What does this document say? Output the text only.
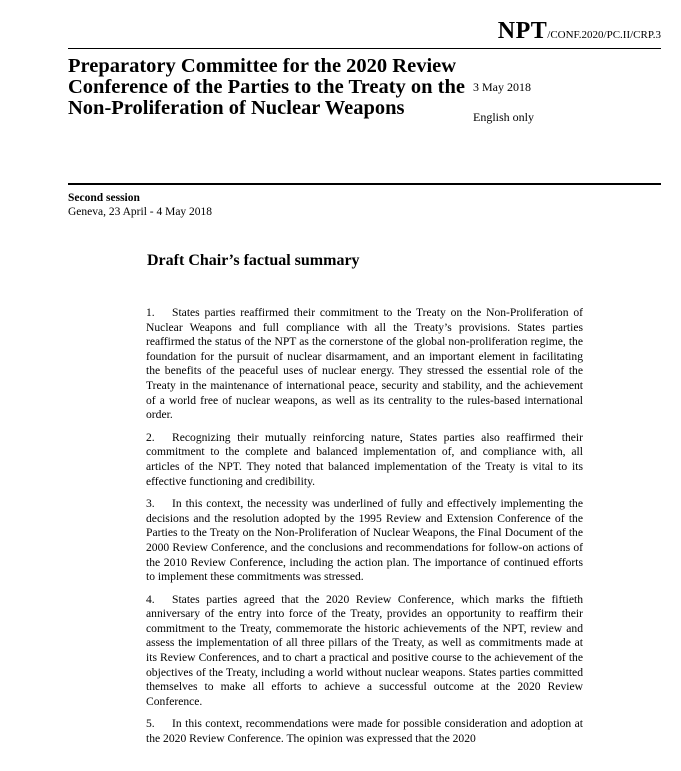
NPT/CONF.2020/PC.II/CRP.3
Preparatory Committee for the 2020 Review Conference of the Parties to the Treaty on the Non-Proliferation of Nuclear Weapons
3 May 2018
English only
Second session
Geneva, 23 April - 4 May 2018
Draft Chair’s factual summary

1. States parties reaffirmed their commitment to the Treaty on the Non-Proliferation of Nuclear Weapons and full compliance with all the Treaty’s provisions. States parties reaffirmed the status of the NPT as the cornerstone of the global non-proliferation regime, the foundation for the pursuit of nuclear disarmament, and an important element in facilitating the benefits of the peaceful uses of nuclear energy. They stressed the essential role of the Treaty in the maintenance of international peace, security and stability, and the achievement of a world free of nuclear weapons, as well as its centrality to the rules-based international order.

2. Recognizing their mutually reinforcing nature, States parties also reaffirmed their commitment to the complete and balanced implementation of, and compliance with, all articles of the NPT. They noted that balanced implementation of the Treaty is vital to its effective functioning and credibility.

3. In this context, the necessity was underlined of fully and effectively implementing the decisions and the resolution adopted by the 1995 Review and Extension Conference of the Parties to the Treaty on the Non-Proliferation of Nuclear Weapons, the Final Document of the 2000 Review Conference, and the conclusions and recommendations for follow-on actions of the 2010 Review Conference, including the action plan. The importance of continued efforts to implement these commitments was stressed.

4. States parties agreed that the 2020 Review Conference, which marks the fiftieth anniversary of the entry into force of the Treaty, provides an opportunity to reaffirm their commitment to the Treaty, commemorate the historic achievements of the NPT, review and assess the implementation of all three pillars of the Treaty, as well as commitments made at its Review Conferences, and to chart a practical and positive course to the achievement of the objectives of the Treaty, including a world without nuclear weapons. States parties committed themselves to make all efforts to achieve a successful outcome at the 2020 Review Conference.

5. In this context, recommendations were made for possible consideration and adoption at the 2020 Review Conference. The opinion was expressed that the 2020
